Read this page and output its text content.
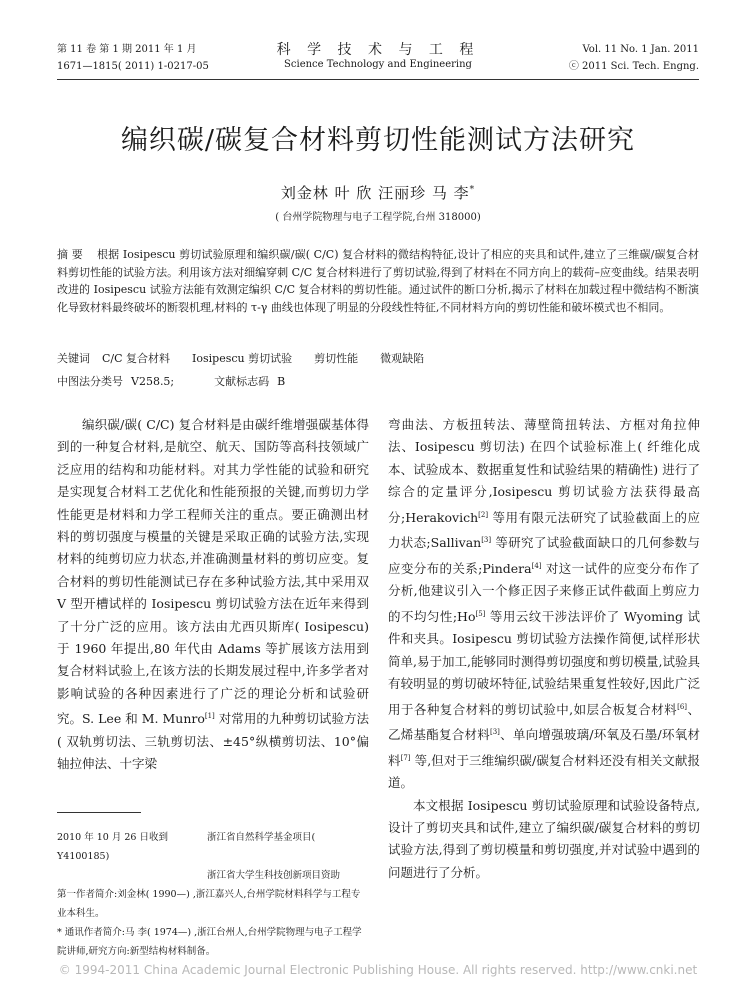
第 11 卷 第 1 期 2011 年 1 月
1671—1815( 2011) 1-0217-05
科 学 技 术 与 工 程
Science Technology and Engineering
Vol. 11 No. 1 Jan. 2011
ⓒ 2011 Sci. Tech. Engng.
编织碳/碳复合材料剪切性能测试方法研究
刘金林 叶 欣 汪丽珍 马 李*
( 台州学院物理与电子工程学院,台州 318000)
摘 要 根据 Iosipescu 剪切试验原理和编织碳/碳( C/C) 复合材料的微结构特征,设计了相应的夹具和试件,建立了三维碳/碳复合材料剪切性能的试验方法。利用该方法对细编穿刺 C/C 复合材料进行了剪切试验,得到了材料在不同方向上的载荷–应变曲线。结果表明改进的 Iosipescu 试验方法能有效测定编织 C/C 复合材料的剪切性能。通过试件的断口分析,揭示了材料在加载过程中微结构不断演化导致材料最终破坏的断裂机理,材料的 τ-γ 曲线也体现了明显的分段线性特征,不同材料方向的剪切性能和破坏模式也不相同。
关键词 C/C 复合材料 Iosipescu 剪切试验 剪切性能 微观缺陷
中图法分类号 V258.5;	文献标志码 B

编织碳/碳( C/C) 复合材料是由碳纤维增强碳基体得到的一种复合材料,是航空、航天、国防等高科技领域广泛应用的结构和功能材料。对其力学性能的试验和研究是实现复合材料工艺优化和性能预报的关键,而剪切力学性能更是材料和力学工程师关注的重点。要正确测出材料的剪切强度与模量的关键是采取正确的试验方法,实现材料的纯剪切应力状态,并准确测量材料的剪切应变。复合材料的剪切性能测试已存在多种试验方法,其中采用双 V 型开槽试样的 Iosipescu 剪切试验方法在近年来得到了十分广泛的应用。该方法由尤西贝斯库( Iosipescu) 于 1960 年提出,80 年代由 Adams 等扩展该方法用到复合材料试验上,在该方法的长期发展过程中,许多学者对影响试验的各种因素进行了广泛的理论分析和试验研究。S. Lee 和 M. Munro[1] 对常用的九种剪切试验方法( 双轨剪切法、三轨剪切法、±45°纵横剪切法、10°偏轴拉伸法、十字梁

弯曲法、方板扭转法、薄壁筒扭转法、方框对角拉伸法、Iosipescu 剪切法) 在四个试验标准上( 纤维化成本、试验成本、数据重复性和试验结果的精确性) 进行了综合的定量评分,Iosipescu 剪切试验方法获得最高分;Herakovich[2] 等用有限元法研究了试验截面上的应力状态;Sallivan[3] 等研究了试验截面缺口的几何参数与应变分布的关系;Pindera[4] 对这一试件的应变分布作了分析,他建议引入一个修正因子来修正试件截面上剪应力的不均匀性;Ho[5] 等用云纹干涉法评价了 Wyoming 试件和夹具。Iosipescu 剪切试验方法操作简便,试样形状简单,易于加工,能够同时测得剪切强度和剪切模量,试验具有较明显的剪切破坏特征,试验结果重复性较好,因此广泛用于各种复合材料的剪切试验中,如层合板复合材料[6]、乙烯基酯复合材料[3]、单向增强玻璃/环氧及石墨/环氧材料[7] 等,但对于三维编织碳/碳复合材料还没有相关文献报道。

本文根据 Iosipescu 剪切试验原理和试验设备特点,设计了剪切夹具和试件,建立了编织碳/碳复合材料的剪切试验方法,得到了剪切模量和剪切强度,并对试验中遇到的问题进行了分析。

2010 年 10 月 26 日收到	浙江省自然科学基金项目( Y4100185)
浙江省大学生科技创新项目资助
第一作者简介:刘金林( 1990—) ,浙江嘉兴人,台州学院材料科学与工程专业本科生。
* 通讯作者简介:马 李( 1974—) ,浙江台州人,台州学院物理与电子工程学院讲师,研究方向:新型结构材料制备。
© 1994-2011 China Academic Journal Electronic Publishing House. All rights reserved. http://www.cnki.net
